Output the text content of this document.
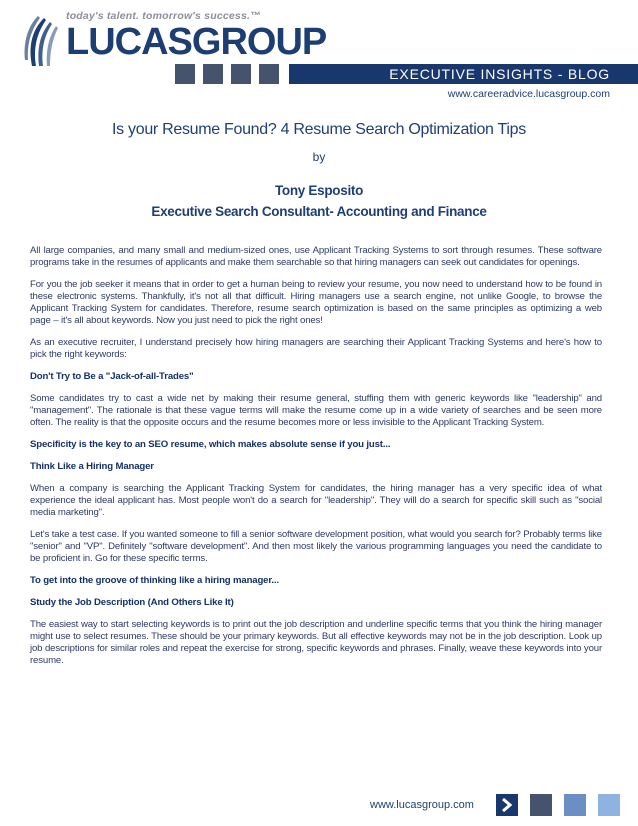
today's talent. tomorrow's success.™
LUCASGROUP
EXECUTIVE INSIGHTS - BLOG
www.careeradvice.lucasgroup.com
Is your Resume Found? 4 Resume Search Optimization Tips
by
Tony Esposito
Executive Search Consultant- Accounting and Finance

All large companies, and many small and medium-sized ones, use Applicant Tracking Systems to sort through resumes. These software programs take in the resumes of applicants and make them searchable so that hiring managers can seek out candidates for openings.

For you the job seeker it means that in order to get a human being to review your resume, you now need to understand how to be found in these electronic systems. Thankfully, it's not all that difficult. Hiring managers use a search engine, not unlike Google, to browse the Applicant Tracking System for candidates. Therefore, resume search optimization is based on the same principles as optimizing a web page – it's all about keywords. Now you just need to pick the right ones!

As an executive recruiter, I understand precisely how hiring managers are searching their Applicant Tracking Systems and here's how to pick the right keywords:

Don't Try to Be a "Jack-of-all-Trades"

Some candidates try to cast a wide net by making their resume general, stuffing them with generic keywords like "leadership" and "management". The rationale is that these vague terms will make the resume come up in a wide variety of searches and be seen more often. The reality is that the opposite occurs and the resume becomes more or less invisible to the Applicant Tracking System.

Specificity is the key to an SEO resume, which makes absolute sense if you just...

Think Like a Hiring Manager

When a company is searching the Applicant Tracking System for candidates, the hiring manager has a very specific idea of what experience the ideal applicant has. Most people won't do a search for "leadership". They will do a search for specific skill such as "social media marketing".

Let's take a test case. If you wanted someone to fill a senior software development position, what would you search for? Probably terms like "senior" and "VP". Definitely "software development". And then most likely the various programming languages you need the candidate to be proficient in. Go for these specific terms.

To get into the groove of thinking like a hiring manager...

Study the Job Description (And Others Like It)

The easiest way to start selecting keywords is to print out the job description and underline specific terms that you think the hiring manager might use to select resumes. These should be your primary keywords. But all effective keywords may not be in the job description. Look up job descriptions for similar roles and repeat the exercise for strong, specific keywords and phrases. Finally, weave these keywords into your resume.

www.lucasgroup.com
